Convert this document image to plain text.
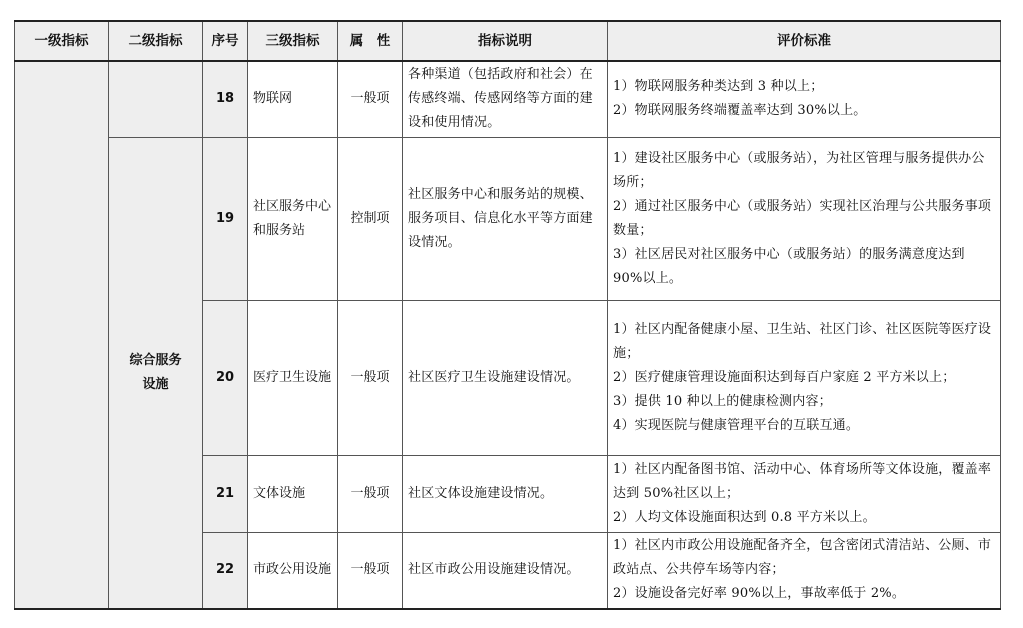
一级指标	二级指标	序号	三级指标	属　性	指标说明	评价标准
		18	物联网	一般项	各种渠道（包括政府和社会）在传感终端、传感网络等方面的建设和使用情况。	1）物联网服务种类达到 3 种以上；
2）物联网服务终端覆盖率达到 30%以上。

	综合服务
设施	19	社区服务中心和服务站	控制项	社区服务中心和服务站的规模、服务项目、信息化水平等方面建设情况。	1）建设社区服务中心（或服务站），为社区管理与服务提供办公场所；
2）通过社区服务中心（或服务站）实现社区治理与公共服务事项数量；
3）社区居民对社区服务中心（或服务站）的服务满意度达到 90%以上。

		20	医疗卫生设施	一般项	社区医疗卫生设施建设情况。	1）社区内配备健康小屋、卫生站、社区门诊、社区医院等医疗设施；
2）医疗健康管理设施面积达到每百户家庭 2 平方米以上；
3）提供 10 种以上的健康检测内容；
4）实现医院与健康管理平台的互联互通。

		21	文体设施	一般项	社区文体设施建设情况。	1）社区内配备图书馆、活动中心、体育场所等文体设施，覆盖率达到 50%社区以上；
2）人均文体设施面积达到 0.8 平方米以上。

		22	市政公用设施	一般项	社区市政公用设施建设情况。	1）社区内市政公用设施配备齐全，包含密闭式清洁站、公厕、市政站点、公共停车场等内容；
2）设施设备完好率 90%以上，事故率低于 2%。
